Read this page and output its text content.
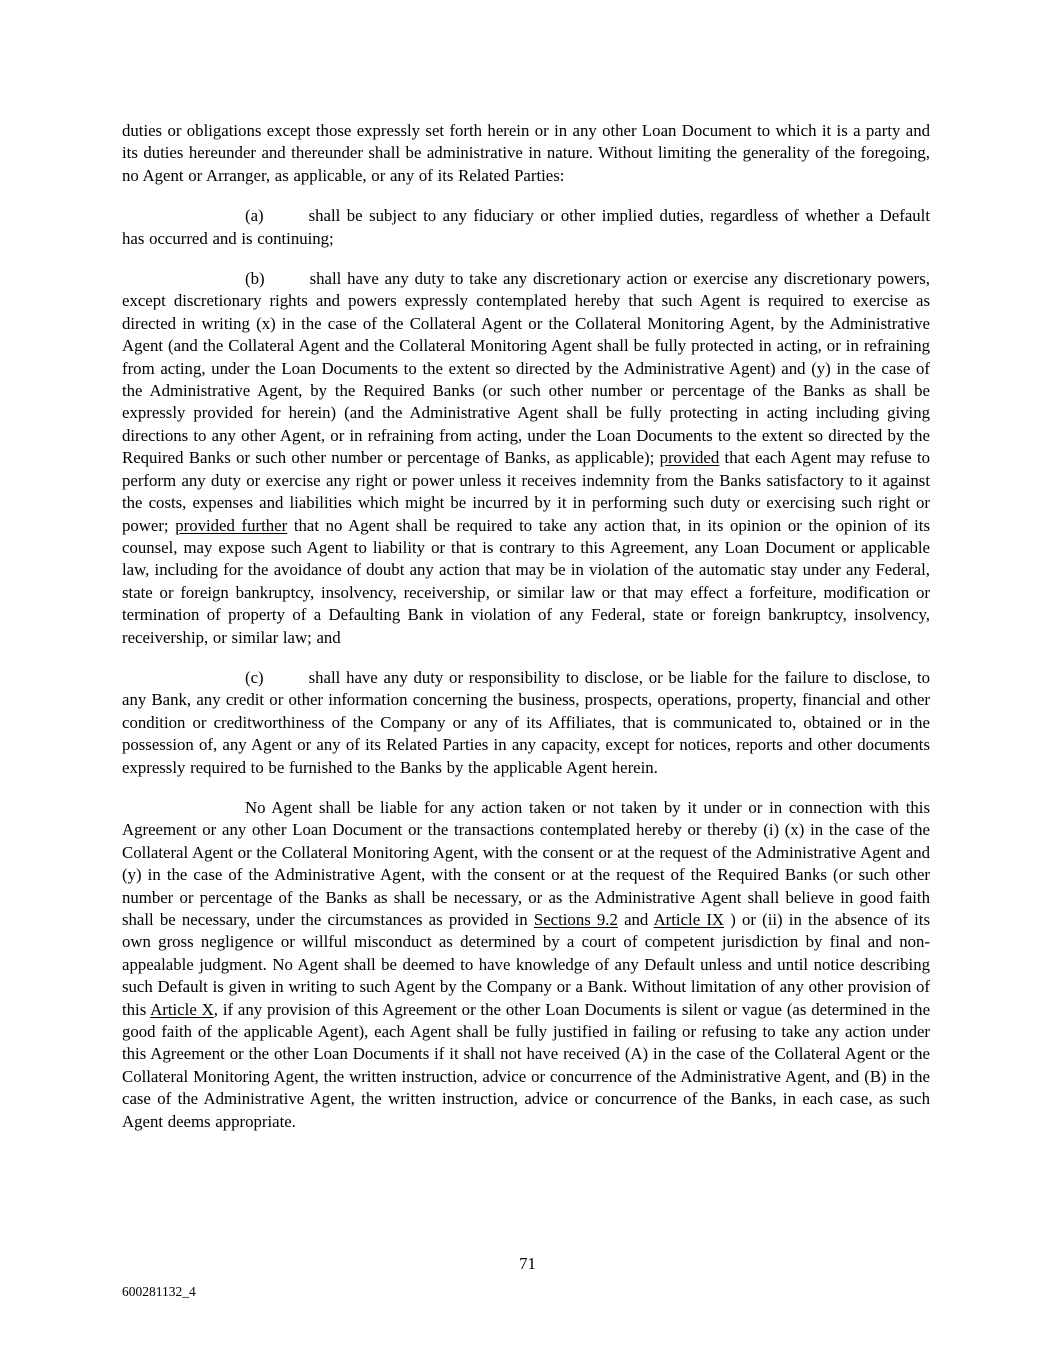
duties or obligations except those expressly set forth herein or in any other Loan Document to which it is a party and its duties hereunder and thereunder shall be administrative in nature. Without limiting the generality of the foregoing, no Agent or Arranger, as applicable, or any of its Related Parties:

(a)	shall be subject to any fiduciary or other implied duties, regardless of whether a Default has occurred and is continuing;

(b)	shall have any duty to take any discretionary action or exercise any discretionary powers, except discretionary rights and powers expressly contemplated hereby that such Agent is required to exercise as directed in writing (x) in the case of the Collateral Agent or the Collateral Monitoring Agent, by the Administrative Agent (and the Collateral Agent and the Collateral Monitoring Agent shall be fully protected in acting, or in refraining from acting, under the Loan Documents to the extent so directed by the Administrative Agent) and (y) in the case of the Administrative Agent, by the Required Banks (or such other number or percentage of the Banks as shall be expressly provided for herein) (and the Administrative Agent shall be fully protecting in acting including giving directions to any other Agent, or in refraining from acting, under the Loan Documents to the extent so directed by the Required Banks or such other number or percentage of Banks, as applicable); provided that each Agent may refuse to perform any duty or exercise any right or power unless it receives indemnity from the Banks satisfactory to it against the costs, expenses and liabilities which might be incurred by it in performing such duty or exercising such right or power; provided further that no Agent shall be required to take any action that, in its opinion or the opinion of its counsel, may expose such Agent to liability or that is contrary to this Agreement, any Loan Document or applicable law, including for the avoidance of doubt any action that may be in violation of the automatic stay under any Federal, state or foreign bankruptcy, insolvency, receivership, or similar law or that may effect a forfeiture, modification or termination of property of a Defaulting Bank in violation of any Federal, state or foreign bankruptcy, insolvency, receivership, or similar law; and

(c)	shall have any duty or responsibility to disclose, or be liable for the failure to disclose, to any Bank, any credit or other information concerning the business, prospects, operations, property, financial and other condition or creditworthiness of the Company or any of its Affiliates, that is communicated to, obtained or in the possession of, any Agent or any of its Related Parties in any capacity, except for notices, reports and other documents expressly required to be furnished to the Banks by the applicable Agent herein.

No Agent shall be liable for any action taken or not taken by it under or in connection with this Agreement or any other Loan Document or the transactions contemplated hereby or thereby (i) (x) in the case of the Collateral Agent or the Collateral Monitoring Agent, with the consent or at the request of the Administrative Agent and (y) in the case of the Administrative Agent, with the consent or at the request of the Required Banks (or such other number or percentage of the Banks as shall be necessary, or as the Administrative Agent shall believe in good faith shall be necessary, under the circumstances as provided in Sections 9.2 and Article IX ) or (ii) in the absence of its own gross negligence or willful misconduct as determined by a court of competent jurisdiction by final and non-appealable judgment. No Agent shall be deemed to have knowledge of any Default unless and until notice describing such Default is given in writing to such Agent by the Company or a Bank. Without limitation of any other provision of this Article X, if any provision of this Agreement or the other Loan Documents is silent or vague (as determined in the good faith of the applicable Agent), each Agent shall be fully justified in failing or refusing to take any action under this Agreement or the other Loan Documents if it shall not have received (A) in the case of the Collateral Agent or the Collateral Monitoring Agent, the written instruction, advice or concurrence of the Administrative Agent, and (B) in the case of the Administrative Agent, the written instruction, advice or concurrence of the Banks, in each case, as such Agent deems appropriate.

71
600281132_4
